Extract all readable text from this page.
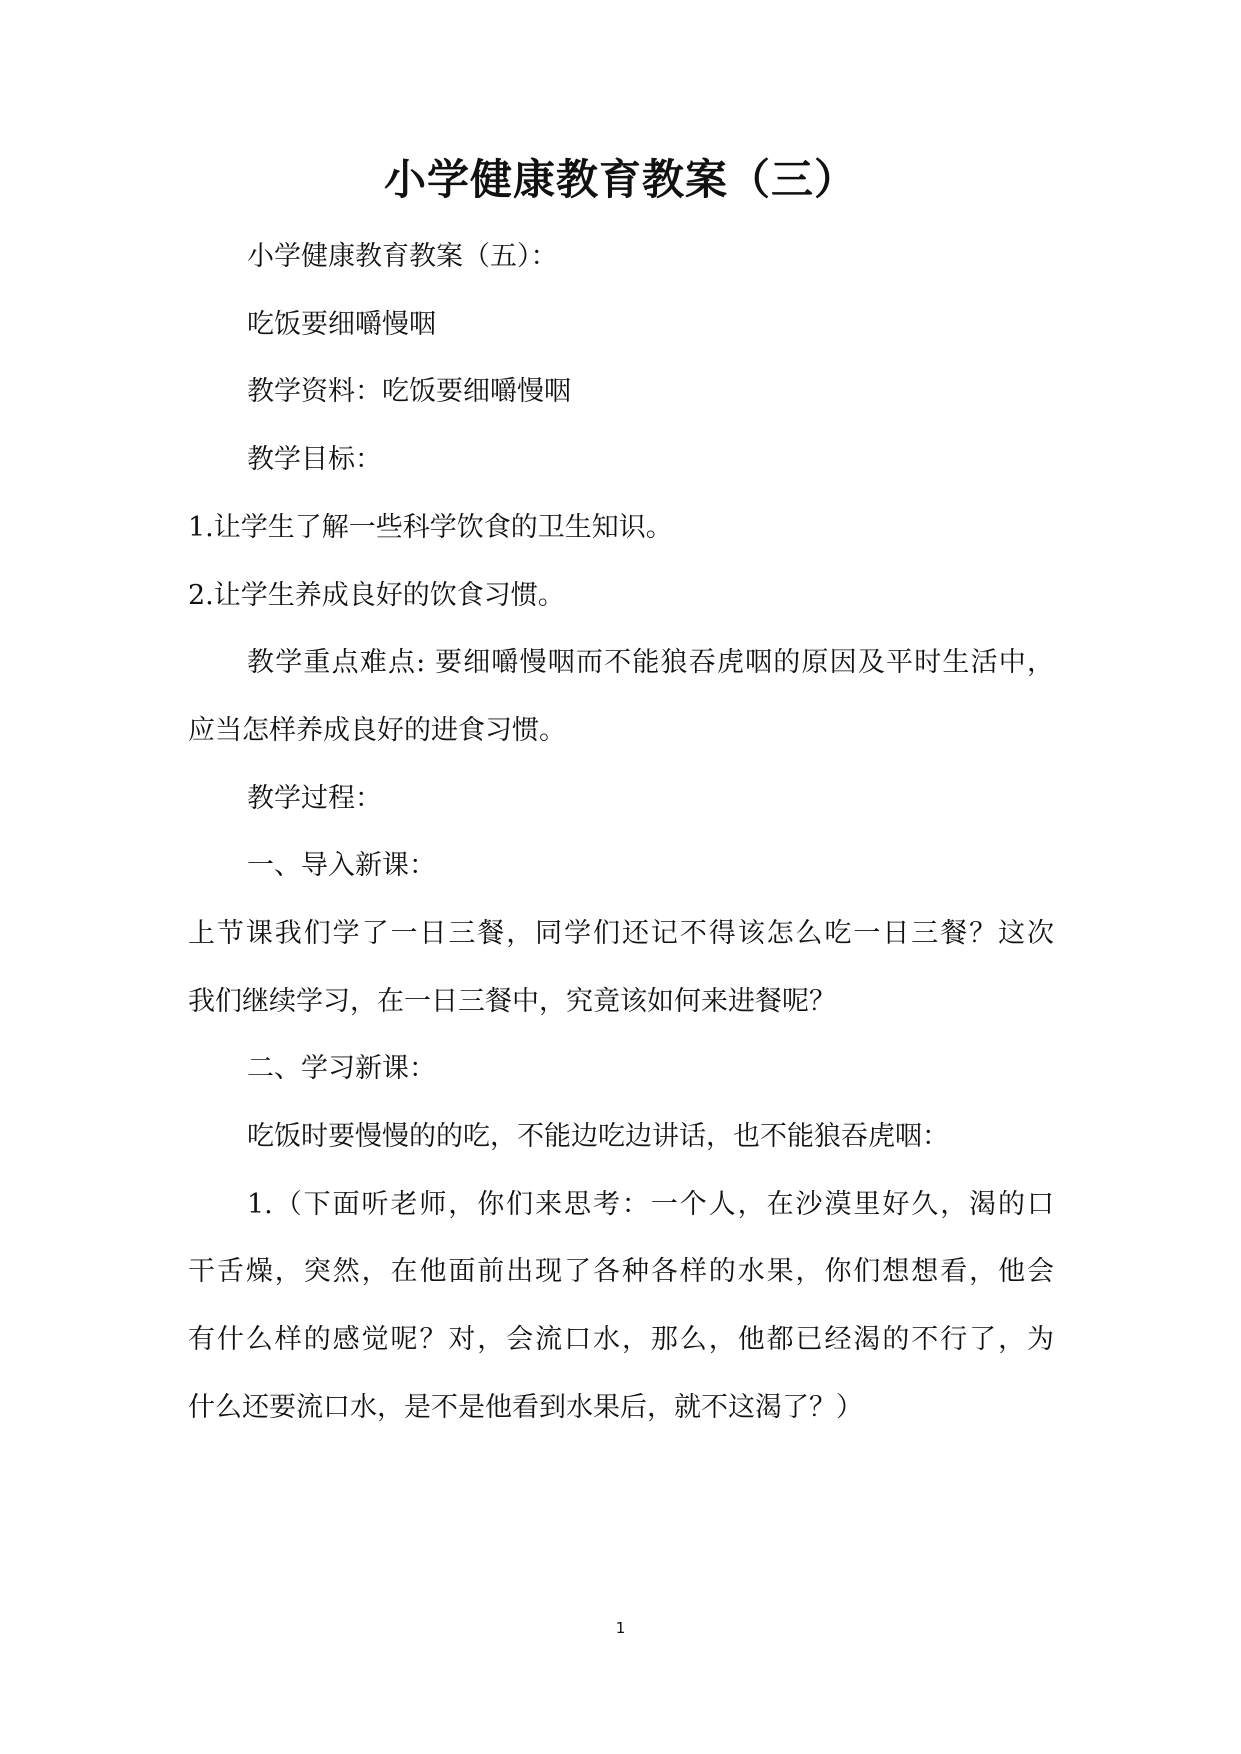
小学健康教育教案（三）
小学健康教育教案（五）：
吃饭要细嚼慢咽
教学资料：吃饭要细嚼慢咽
教学目标：
1.让学生了解一些科学饮食的卫生知识。
2.让学生养成良好的饮食习惯。
教学重点难点: 要细嚼慢咽而不能狼吞虎咽的原因及平时生活中，
应当怎样养成良好的进食习惯。
教学过程：
一、导入新课：
上节课我们学了一日三餐，同学们还记不得该怎么吃一日三餐？这次
我们继续学习，在一日三餐中，究竟该如何来进餐呢？
二、学习新课：
吃饭时要慢慢的的吃，不能边吃边讲话，也不能狼吞虎咽：
1.（下面听老师，你们来思考：一个人，在沙漠里好久，渴的口
干舌燥，突然，在他面前出现了各种各样的水果，你们想想看，他会
有什么样的感觉呢？对，会流口水，那么，他都已经渴的不行了，为
什么还要流口水，是不是他看到水果后，就不这渴了？）
1
